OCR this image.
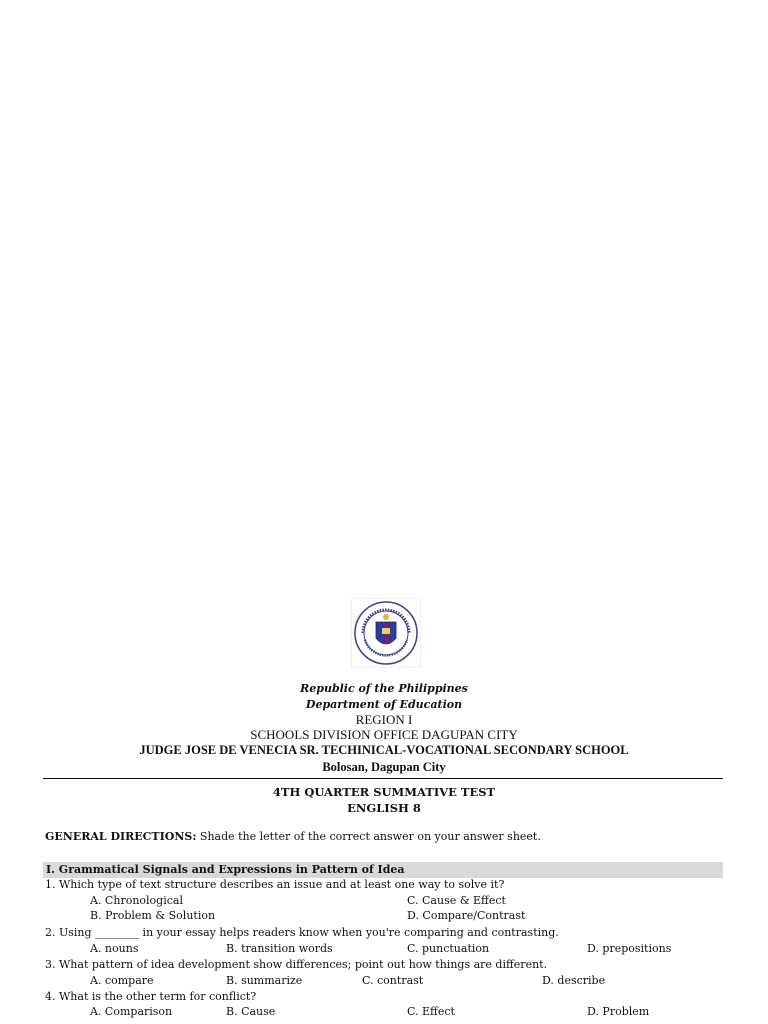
Republic of the Philippines
Department of Education
REGION I
SCHOOLS DIVISION OFFICE DAGUPAN CITY
JUDGE JOSE DE VENECIA SR. TECHINICAL-VOCATIONAL SECONDARY SCHOOL
Bolosan, Dagupan City
4TH QUARTER SUMMATIVE TEST
ENGLISH 8
GENERAL DIRECTIONS: Shade the letter of the correct answer on your answer sheet.
I. Grammatical Signals and Expressions in Pattern of Idea
1. Which type of text structure describes an issue and at least one way to solve it?
A. Chronological	C. Cause & Effect
B. Problem & Solution	D. Compare/Contrast
2. Using ________ in your essay helps readers know when you're comparing and contrasting.
A. nouns	B. transition words	C. punctuation	D. prepositions
3. What pattern of idea development show differences; point out how things are different.
A. compare	B. summarize	C. contrast	D. describe
4. What is the other term for conflict?
A. Comparison	B. Cause	C. Effect	D. Problem
